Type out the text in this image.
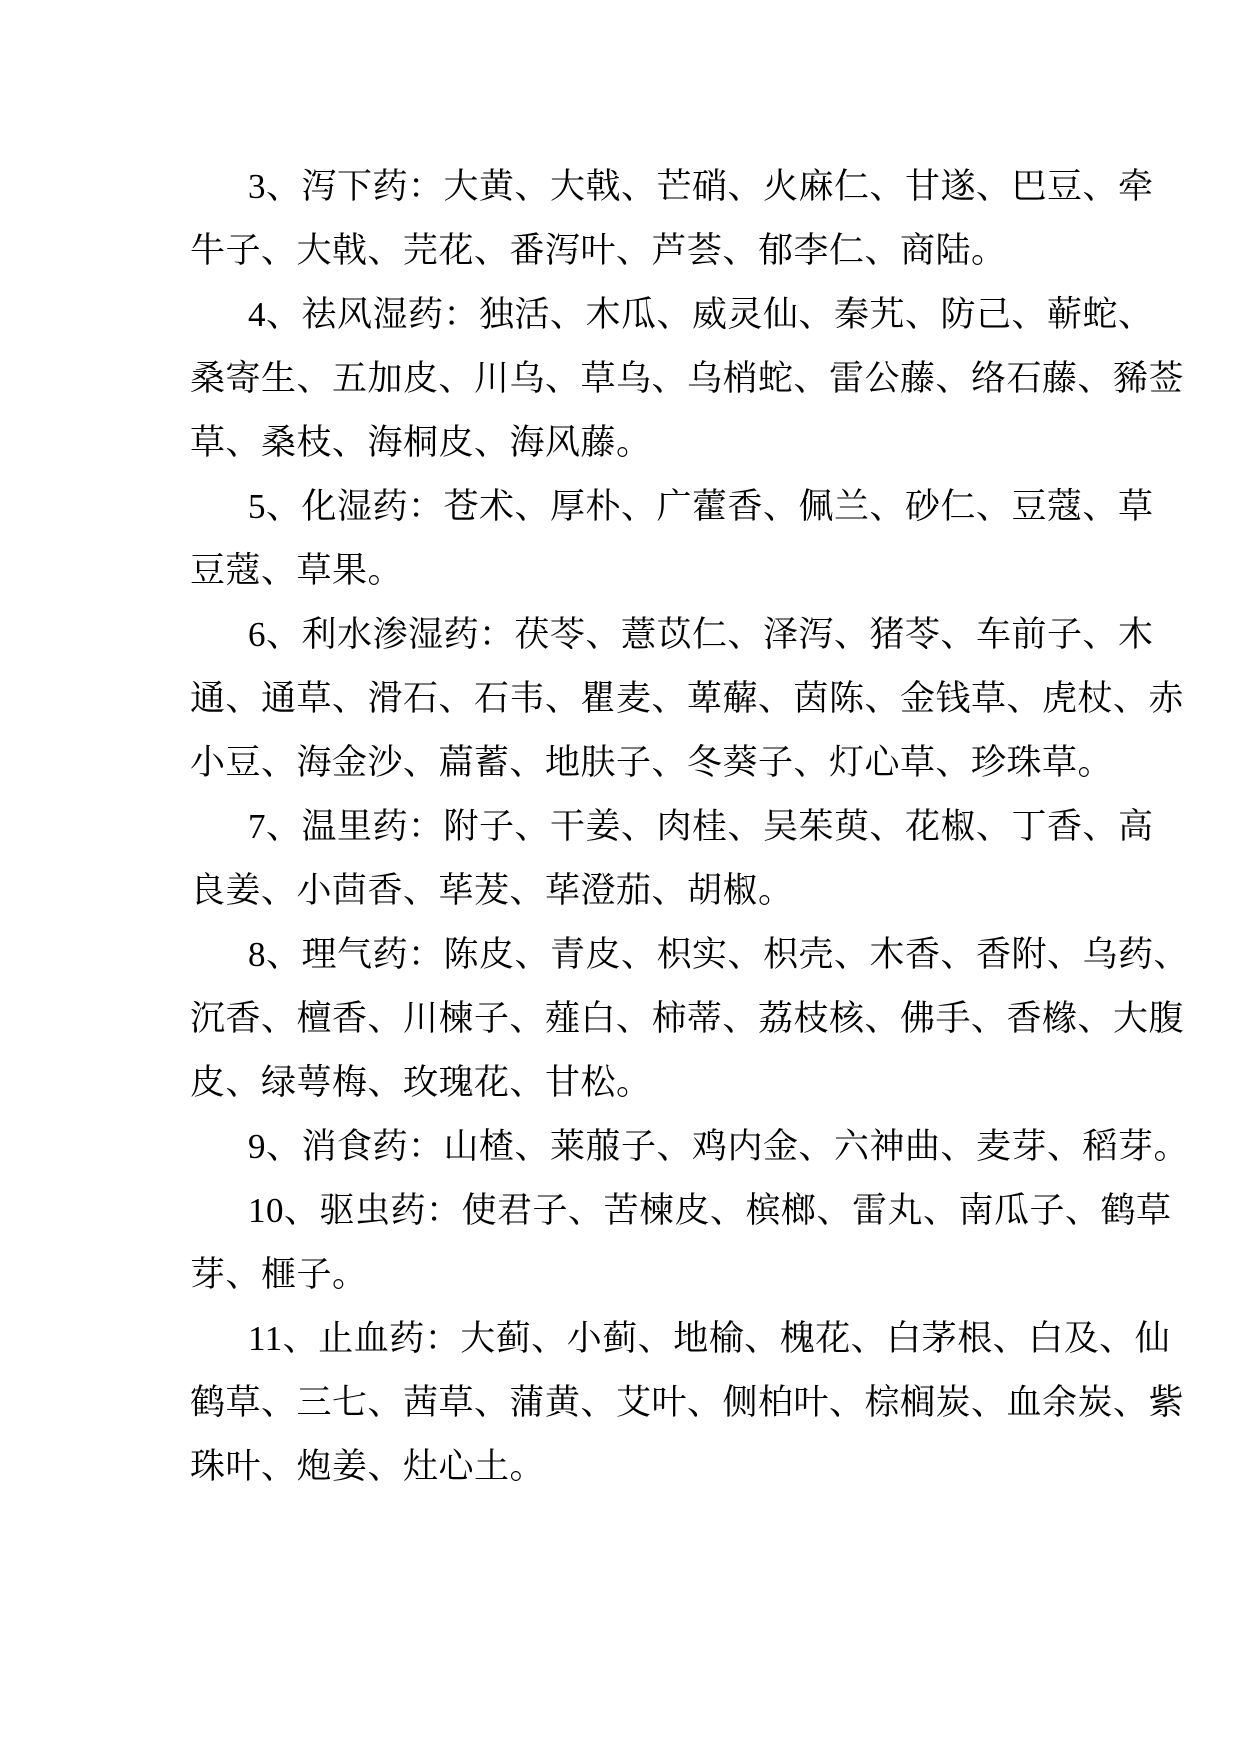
3、泻下药：大黄、大戟、芒硝、火麻仁、甘遂、巴豆、牵
牛子、大戟、芫花、番泻叶、芦荟、郁李仁、商陆。
4、祛风湿药：独活、木瓜、威灵仙、秦艽、防己、蕲蛇、
桑寄生、五加皮、川乌、草乌、乌梢蛇、雷公藤、络石藤、豨莶
草、桑枝、海桐皮、海风藤。
5、化湿药：苍术、厚朴、广藿香、佩兰、砂仁、豆蔻、草
豆蔻、草果。
6、利水渗湿药：茯苓、薏苡仁、泽泻、猪苓、车前子、木
通、通草、滑石、石韦、瞿麦、萆薢、茵陈、金钱草、虎杖、赤
小豆、海金沙、萹蓄、地肤子、冬葵子、灯心草、珍珠草。
7、温里药：附子、干姜、肉桂、吴茱萸、花椒、丁香、高
良姜、小茴香、荜茇、荜澄茄、胡椒。
8、理气药：陈皮、青皮、枳实、枳壳、木香、香附、乌药、
沉香、檀香、川楝子、薤白、柿蒂、荔枝核、佛手、香橼、大腹
皮、绿萼梅、玫瑰花、甘松。
9、消食药：山楂、莱菔子、鸡内金、六神曲、麦芽、稻芽。
10、驱虫药：使君子、苦楝皮、槟榔、雷丸、南瓜子、鹤草
芽、榧子。
11、止血药：大蓟、小蓟、地榆、槐花、白茅根、白及、仙
鹤草、三七、茜草、蒲黄、艾叶、侧柏叶、棕榈炭、血余炭、紫
珠叶、炮姜、灶心土。
